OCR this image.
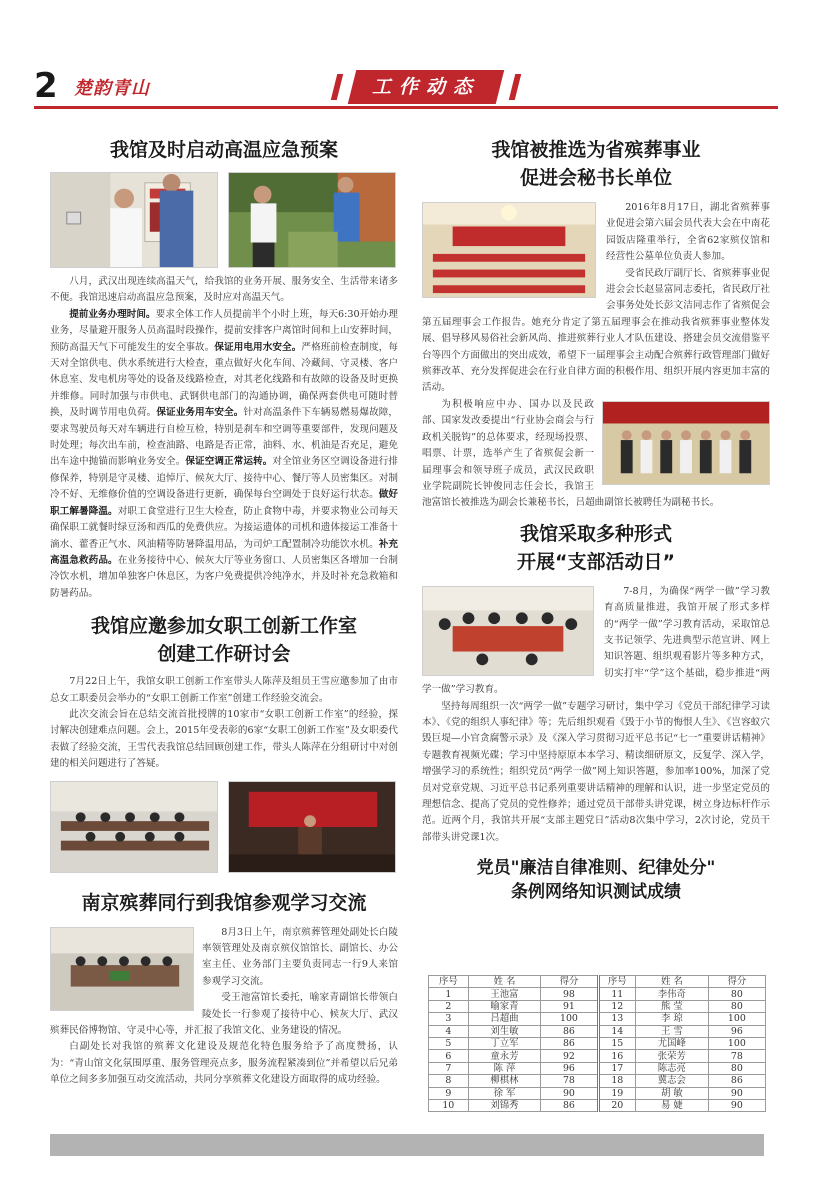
2 楚韵青山	工作动态
我馆及时启动高温应急预案

八月，武汉出现连续高温天气，给我馆的业务开展、服务安全、生活带来诸多不便。我馆迅速启动高温应急预案，及时应对高温天气。

提前业务办理时间。要求全体工作人员提前半个小时上班，每天6:30开始办理业务，尽量避开服务人员高温时段操作，提前安排客户离馆时间和上山安葬时间，预防高温天气下可能发生的安全事故。保证用电用水安全。严格班前检查制度，每天对全馆供电、供水系统进行大检查，重点做好火化车间、冷藏间、守灵楼、客户休息室、发电机房等处的设备及线路检查，对其老化线路和有故障的设备及时更换并维修。同时加强与市供电、武钢供电部门的沟通协调，确保两套供电可随时替换，及时调节用电负荷。保证业务用车安全。针对高温条件下车辆易燃易爆故障，要求驾驶员每天对车辆进行自检互检，特别是刹车和空调等重要部件，发现问题及时处理；每次出车前，检查油路、电路是否正常，油料、水、机油是否充足，避免出车途中抛锚而影响业务安全。保证空调正常运转。对全馆业务区空调设备进行排修保养，特别是守灵楼、追悼厅、候灰大厅、接待中心、餐厅等人员密集区。对制冷不好、无维修价值的空调设备进行更新，确保每台空调处于良好运行状态。做好职工解暑降温。对职工食堂进行卫生大检查，防止食物中毒，并要求物业公司每天确保职工就餐时绿豆汤和西瓜的免费供应。为接运遗体的司机和遗体接运工准备十滴水、藿香正气水、风油精等防暑降温用品，为司炉工配置制冷功能饮水机。补充高温急救药品。在业务接待中心、候灰大厅等业务窗口、人员密集区各增加一台制冷饮水机，增加单独客户休息区，为客户免费提供冷纯净水，并及时补充急救箱和防暑药品。

我馆应邀参加女职工创新工作室
创建工作研讨会

7月22日上午，我馆女职工创新工作室带头人陈萍及组员王雪应邀参加了由市总女工职委员会举办的“女职工创新工作室”创建工作经验交流会。

此次交流会旨在总结交流首批授牌的10家市“女职工创新工作室”的经验，探讨解决创建难点问题。会上，2015年受表彰的6家“女职工创新工作室”及女职委代表做了经验交流，王雪代表我馆总结回顾创建工作，带头人陈萍在分组研讨中对创建的相关问题进行了答疑。

南京殡葬同行到我馆参观学习交流

8月3日上午，南京殡葬管理处副处长白陵率领管理处及南京殡仪馆馆长、副馆长、办公室主任、业务部门主要负责同志一行9人来馆参观学习交流。

受王池富馆长委托，喻家青副馆长带领白陵处长一行参观了接待中心、候灰大厅、武汉殡葬民俗博物馆、守灵中心等，并汇报了我馆文化、业务建设的情况。

白副处长对我馆的殡葬文化建设及规范化特色服务给予了高度赞扬，认为：“青山馆文化氛围厚重、服务管理亮点多，服务流程紧凑到位”并希望以后兄弟单位之间多多加强互动交流活动，共同分享殡葬文化建设方面取得的成功经验。

我馆被推选为省殡葬事业
促进会秘书长单位

2016年8月17日，湖北省殡葬事业促进会第六届会员代表大会在中南花园饭店隆重举行，全省62家殡仪馆和经营性公墓单位负责人参加。

受省民政厅副厅长、省殡葬事业促进会会长赵显富同志委托，省民政厅社会事务处处长彭文洁同志作了省殡促会第五届理事会工作报告。她充分肯定了第五届理事会在推动我省殡葬事业整体发展、倡导移风易俗社会新风尚、推进殡葬行业人才队伍建设、搭建会员交流借鉴平台等四个方面做出的突出成效，希望下一届理事会主动配合殡葬行政管理部门做好殡葬改革、充分发挥促进会在行业自律方面的积极作用、组织开展内容更加丰富的活动。

为积极响应中办、国办以及民政部、国家发改委提出“行业协会商会与行政机关脱钩”的总体要求，经现场投票、唱票、计票，选举产生了省殡促会新一届理事会和领导班子成员，武汉民政职业学院副院长钟俊同志任会长，我馆王池富馆长被推选为副会长兼秘书长，吕超曲副馆长被聘任为副秘书长。

我馆采取多种形式
开展“支部活动日”

7-8月，为确保“两学一做”学习教育高质量推进，我馆开展了形式多样的“两学一做”学习教育活动，采取馆总支书记领学、先进典型示范宣讲、网上知识答题、组织观看影片等多种方式，切实打牢“学”这个基础，稳步推进“两学一做”学习教育。

坚持每周组织一次“两学一做”专题学习研讨，集中学习《党员干部纪律学习读本》、《党的组织人事纪律》等；先后组织观看《毁于小节的悔恨人生》、《岂容蚁穴毁巨堤—小官贪腐警示录》及《深入学习贯彻习近平总书记“七一”重要讲话精神》专题教育视频光碟；学习中坚持原原本本学习、精读细研原文，反复学、深入学，增强学习的系统性；组织党员“两学一做”网上知识答题，参加率100%，加深了党员对党章党规、习近平总书记系列重要讲话精神的理解和认识，进一步坚定党员的理想信念、提高了党员的党性修养；通过党员干部带头讲党课，树立身边标杆作示范。近两个月，我馆共开展“支部主题党日”活动8次集中学习，2次讨论，党员干部带头讲党课1次。

党员"廉洁自律准则、纪律处分"
条例网络知识测试成绩
序号	姓 名	得分	序号	姓 名	得分
1	王池富	98	11	李伟奇	80
2	喻家青	91	12	熊 莹	80
3	吕超曲	100	13	李 琼	100
4	刘生敏	86	14	王 雪	96
5	丁立军	86	15	尤国峰	100
6	童永芳	92	16	张荣芳	78
7	陈 萍	96	17	陈志亮	80
8	柳棋林	78	18	冀志会	86
9	徐 军	90	19	胡 敏	90
10	刘锦秀	86	20	易 婕	90
